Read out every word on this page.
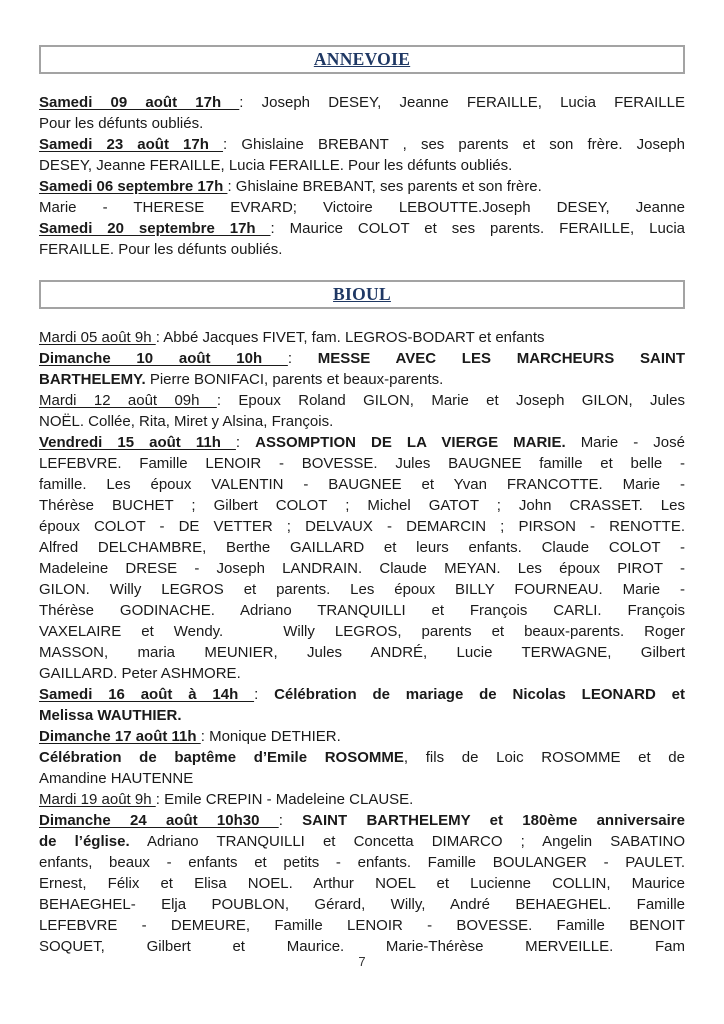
ANNEVOIE
Samedi 09 août 17h : Joseph DESEY, Jeanne FERAILLE, Lucia FERAILLE
Pour les défunts oubliés.
Samedi 23 août 17h : Ghislaine BREBANT , ses parents et son frère. Joseph
DESEY, Jeanne FERAILLE, Lucia FERAILLE. Pour les défunts oubliés.
Samedi 06 septembre 17h : Ghislaine BREBANT, ses parents et son frère.
Marie - THERESE EVRARD; Victoire LEBOUTTE.Joseph DESEY, Jeanne
Samedi 20 septembre 17h : Maurice COLOT et ses parents. FERAILLE, Lucia
FERAILLE. Pour les défunts oubliés.
BIOUL
Mardi 05 août 9h : Abbé Jacques FIVET, fam. LEGROS-BODART et enfants
Dimanche 10 août 10h : MESSE AVEC LES MARCHEURS SAINT
BARTHELEMY. Pierre BONIFACI, parents et beaux-parents.
Mardi 12 août 09h : Epoux Roland GILON, Marie et Joseph GILON, Jules
NOËL. Collée, Rita, Miret y Alsina, François.
Vendredi 15 août 11h : ASSOMPTION DE LA VIERGE MARIE. Marie - José
LEFEBVRE. Famille LENOIR - BOVESSE. Jules BAUGNEE famille et belle -
famille. Les époux VALENTIN - BAUGNEE et Yvan FRANCOTTE. Marie -
Thérèse BUCHET ; Gilbert COLOT ; Michel GATOT ; John CRASSET. Les
époux COLOT - DE VETTER ; DELVAUX - DEMARCIN ; PIRSON - RENOTTE.
Alfred DELCHAMBRE, Berthe GAILLARD et leurs enfants. Claude COLOT -
Madeleine DRESE - Joseph LANDRAIN. Claude MEYAN. Les époux PIROT -
GILON. Willy LEGROS et parents. Les époux BILLY FOURNEAU. Marie -
Thérèse GODINACHE. Adriano TRANQUILLI et François CARLI. François
VAXELAIRE et Wendy.   Willy LEGROS, parents et beaux-parents. Roger
MASSON, maria MEUNIER, Jules ANDRÉ, Lucie TERWAGNE, Gilbert
GAILLARD. Peter ASHMORE.
Samedi 16 août à 14h : Célébration de mariage de Nicolas LEONARD et
Melissa WAUTHIER.
Dimanche 17 août 11h : Monique DETHIER.
Célébration de baptême d’Emile ROSOMME, fils de Loic ROSOMME et de
Amandine HAUTENNE
Mardi 19 août 9h : Emile CREPIN - Madeleine CLAUSE.
Dimanche 24 août 10h30 : SAINT BARTHELEMY et 180ème anniversaire
de l’église. Adriano TRANQUILLI et Concetta DIMARCO ; Angelin SABATINO
enfants, beaux - enfants et petits - enfants. Famille BOULANGER - PAULET.
Ernest, Félix et Elisa NOEL. Arthur NOEL et Lucienne COLLIN, Maurice
BEHAEGHEL- Elja POUBLON, Gérard, Willy, André BEHAEGHEL. Famille
LEFEBVRE - DEMEURE, Famille LENOIR - BOVESSE. Famille BENOIT
SOQUET, Gilbert et Maurice. Marie-Thérèse MERVEILLE. Fam
7
